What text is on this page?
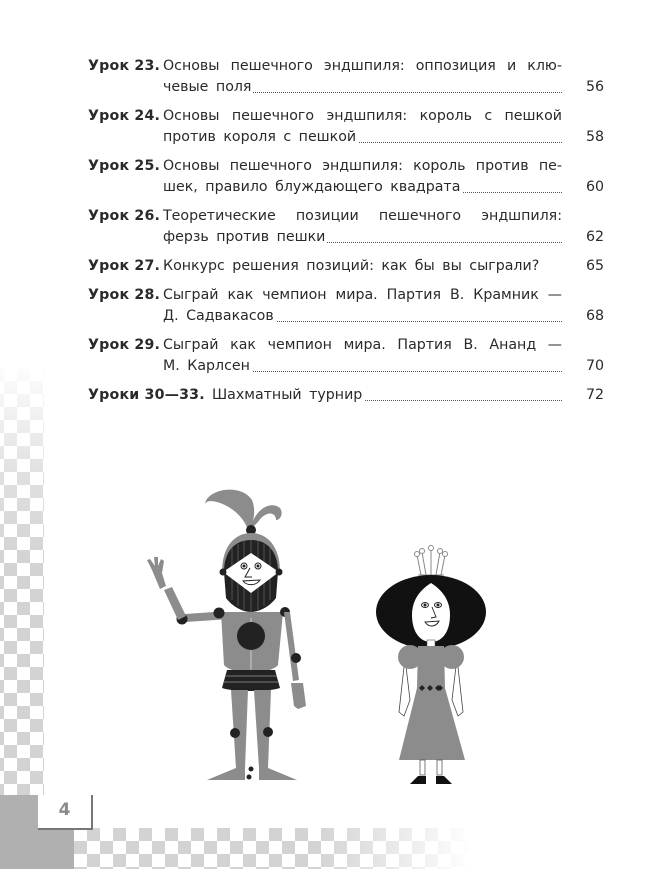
4
Урок 23. Основы пешечного эндшпиля: оппозиция и клю-
чевые поля	56
Урок 24. Основы пешечного эндшпиля: король с пешкой
против короля с пешкой	58
Урок 25. Основы пешечного эндшпиля: король против пе-
шек, правило блуждающего квадрата	60
Урок 26. Теоретические позиции пешечного эндшпиля:
ферзь против пешки	62
Урок 27. Конкурс решения позиций: как бы вы сыграли?	65
Урок 28. Сыграй как чемпион мира. Партия В. Крамник —
Д. Садвакасов	68
Урок 29. Сыграй как чемпион мира. Партия В. Ананд —
М. Карлсен	70
Уроки 30—33. Шахматный турнир	72
